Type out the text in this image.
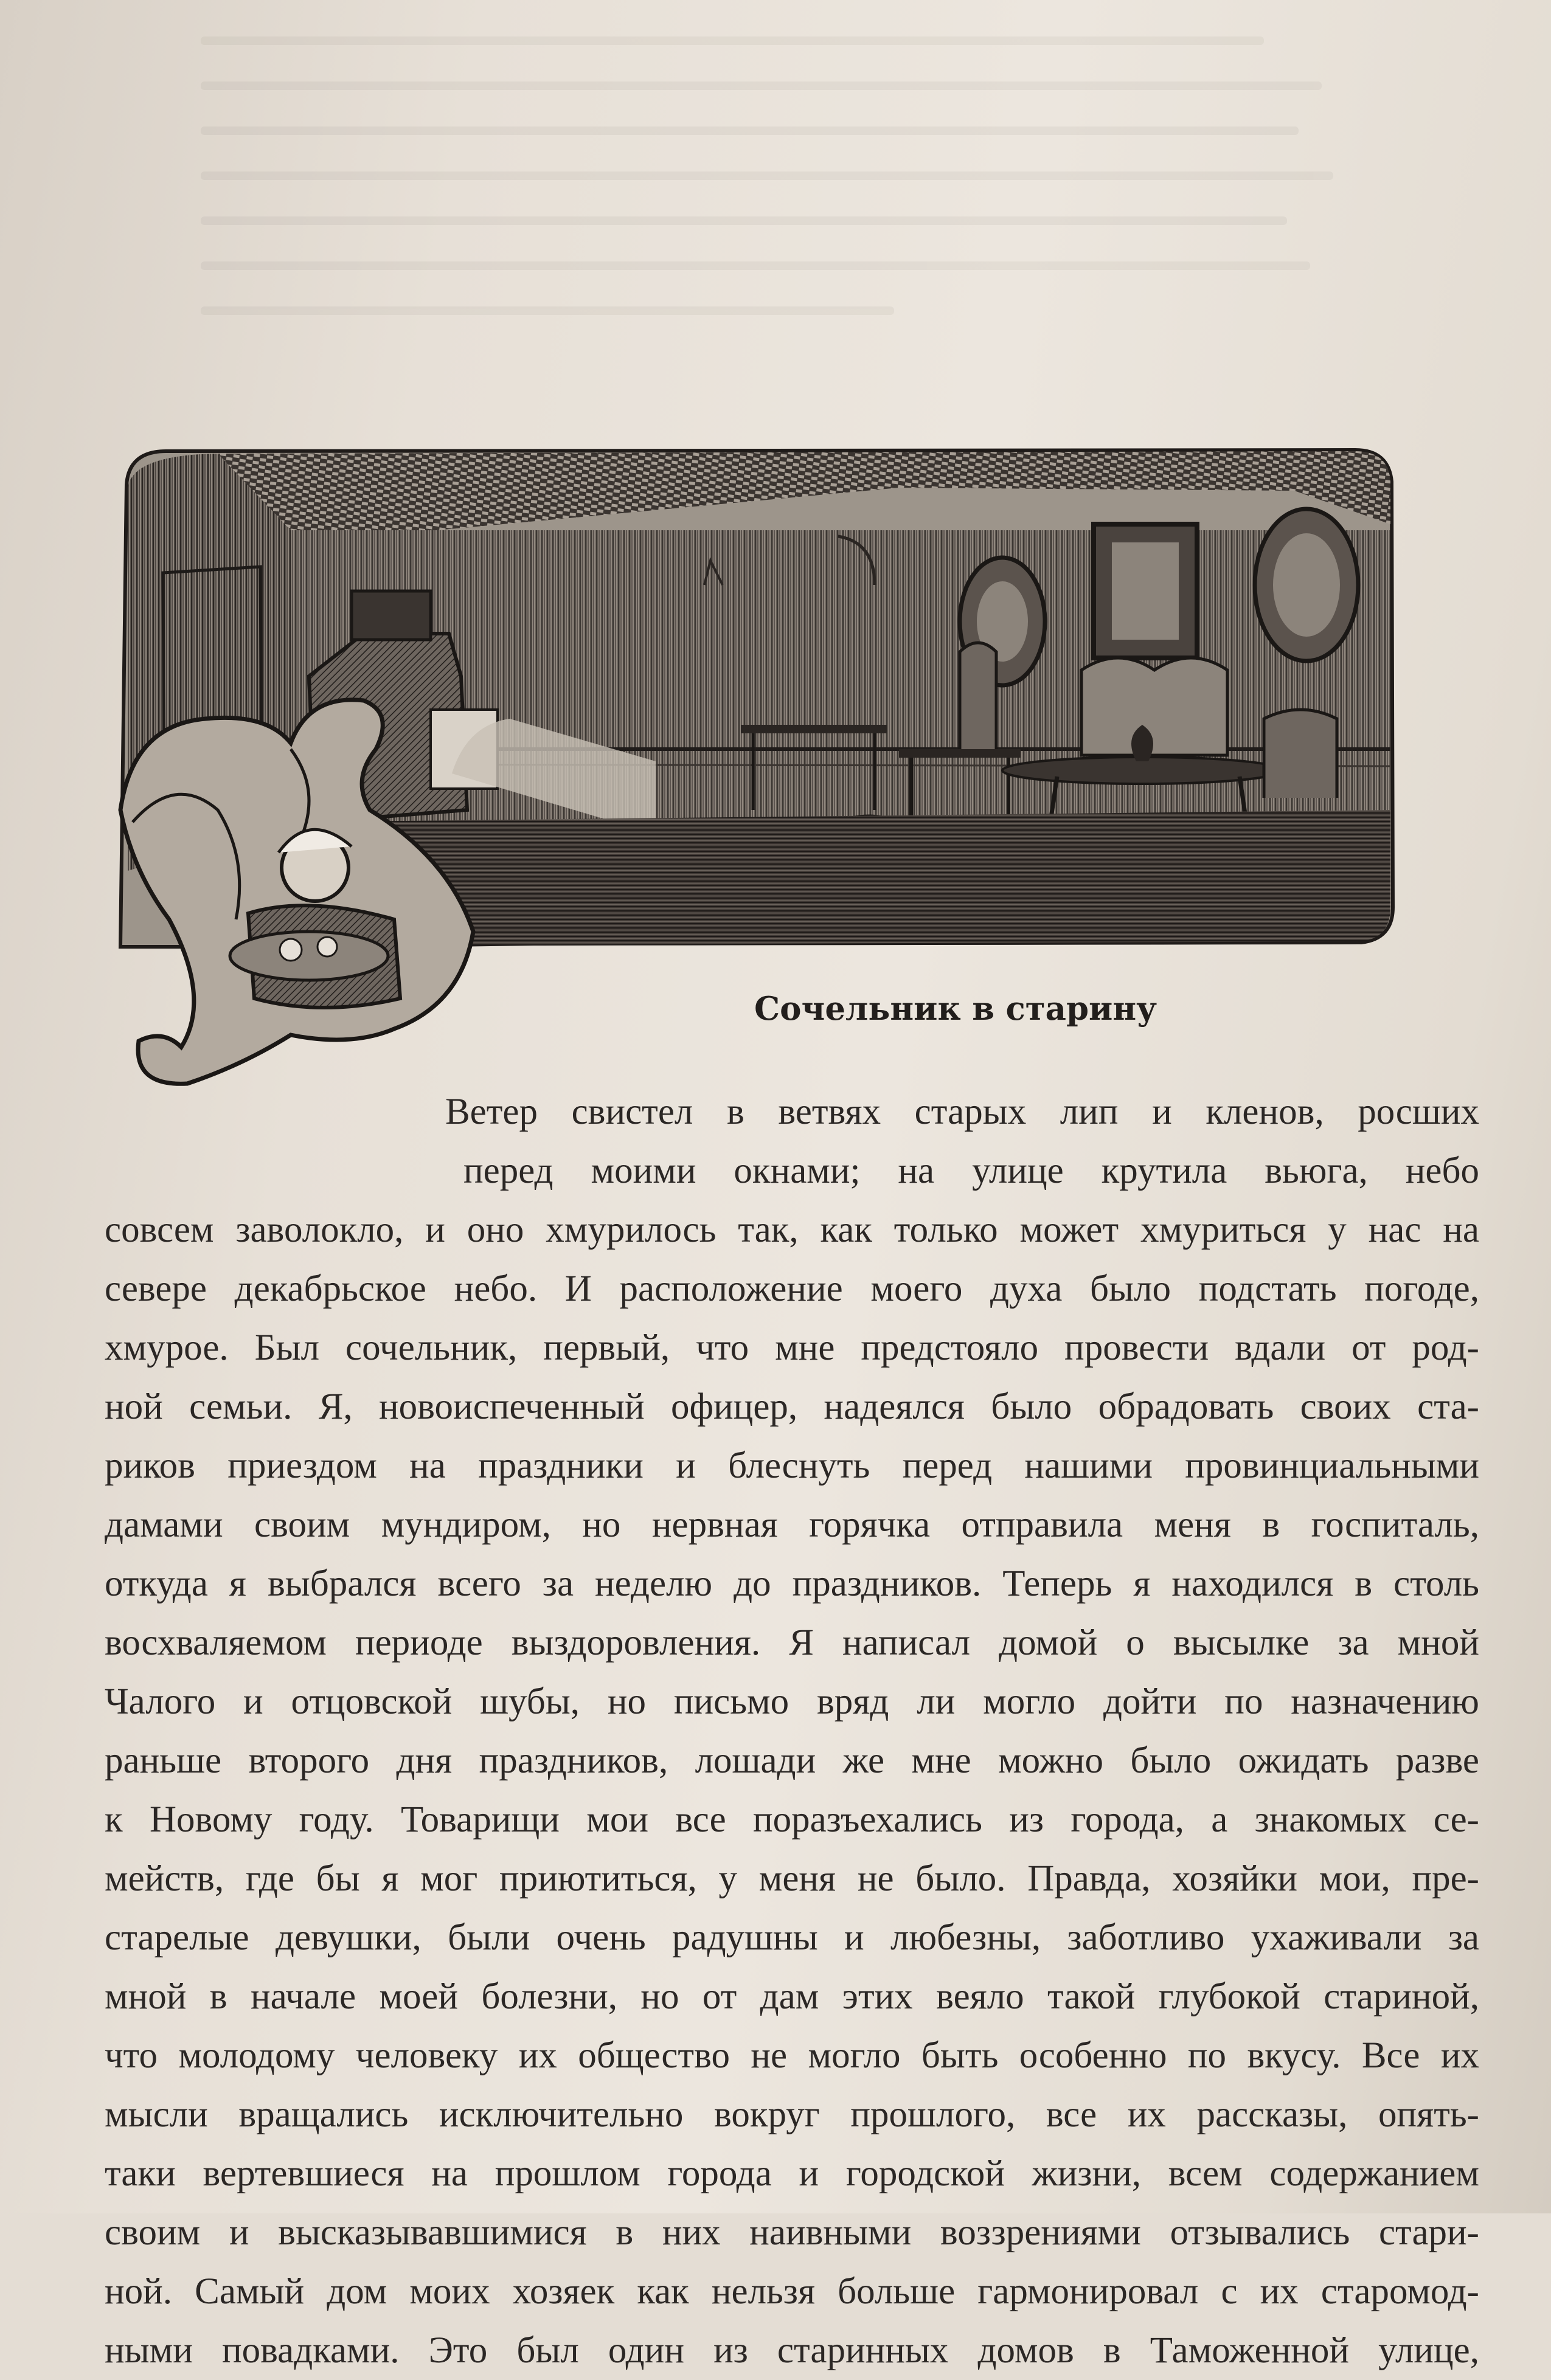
Сочельник в старину
Ветер свистел в ветвях старых лип и кленов, росших
перед моими окнами; на улице крутила вьюга, небо
совсем заволокло, и оно хмурилось так, как только может хмуриться у нас на
севере декабрьское небо. И расположение моего духа было подстать погоде,
хмурое. Был сочельник, первый, что мне предстояло провести вдали от род-
ной семьи. Я, новоиспеченный офицер, надеялся было обрадовать своих ста-
риков приездом на праздники и блеснуть перед нашими провинциальными
дамами своим мундиром, но нервная горячка отправила меня в госпиталь,
откуда я выбрался всего за неделю до праздников. Теперь я находился в столь
восхваляемом периоде выздоровления. Я написал домой о высылке за мной
Чалого и отцовской шубы, но письмо вряд ли могло дойти по назначению
раньше второго дня праздников, лошади же мне можно было ожидать разве
к Новому году. Товарищи мои все поразъехались из города, а знакомых се-
мейств, где бы я мог приютиться, у меня не было. Правда, хозяйки мои, пре-
старелые девушки, были очень радушны и любезны, заботливо ухаживали за
мной в начале моей болезни, но от дам этих веяло такой глубокой стариной,
что молодому человеку их общество не могло быть особенно по вкусу. Все их
мысли вращались исключительно вокруг прошлого, все их рассказы, опять-
таки вертевшиеся на прошлом города и городской жизни, всем содержанием
своим и высказывавшимися в них наивными воззрениями отзывались стари-
ной. Самый дом моих хозяек как нельзя больше гармонировал с их старомод-
ными повадками. Это был один из старинных домов в Таможенной улице,
